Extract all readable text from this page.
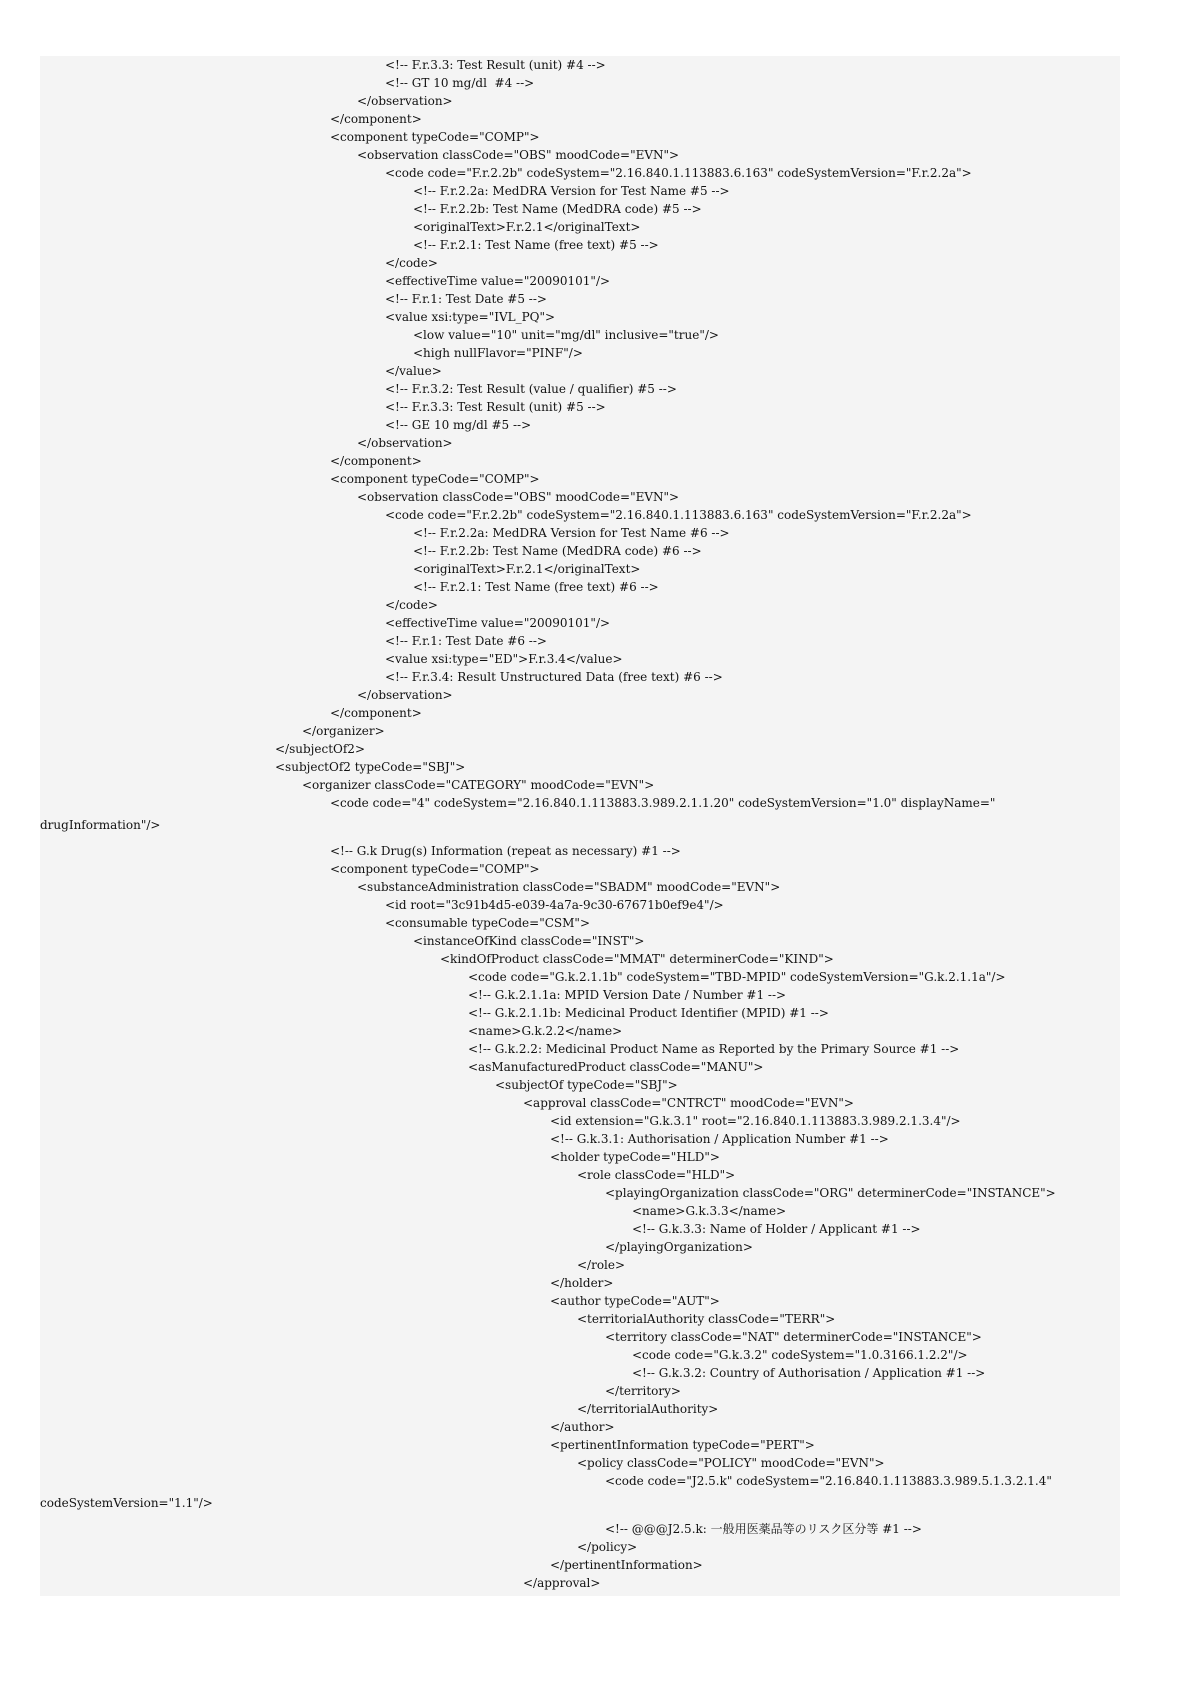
<!-- F.r.3.3: Test Result (unit) #4 -->
<!-- GT 10 mg/dl  #4 -->
</observation>
</component>
<component typeCode="COMP">
<observation classCode="OBS" moodCode="EVN">
<code code="F.r.2.2b" codeSystem="2.16.840.1.113883.6.163" codeSystemVersion="F.r.2.2a">
<!-- F.r.2.2a: MedDRA Version for Test Name #5 -->
<!-- F.r.2.2b: Test Name (MedDRA code) #5 -->
<originalText>F.r.2.1</originalText>
<!-- F.r.2.1: Test Name (free text) #5 -->
</code>
<effectiveTime value="20090101"/>
<!-- F.r.1: Test Date #5 -->
<value xsi:type="IVL_PQ">
<low value="10" unit="mg/dl" inclusive="true"/>
<high nullFlavor="PINF"/>
</value>
<!-- F.r.3.2: Test Result (value / qualifier) #5 -->
<!-- F.r.3.3: Test Result (unit) #5 -->
<!-- GE 10 mg/dl #5 -->
</observation>
</component>
<component typeCode="COMP">
<observation classCode="OBS" moodCode="EVN">
<code code="F.r.2.2b" codeSystem="2.16.840.1.113883.6.163" codeSystemVersion="F.r.2.2a">
<!-- F.r.2.2a: MedDRA Version for Test Name #6 -->
<!-- F.r.2.2b: Test Name (MedDRA code) #6 -->
<originalText>F.r.2.1</originalText>
<!-- F.r.2.1: Test Name (free text) #6 -->
</code>
<effectiveTime value="20090101"/>
<!-- F.r.1: Test Date #6 -->
<value xsi:type="ED">F.r.3.4</value>
<!-- F.r.3.4: Result Unstructured Data (free text) #6 -->
</observation>
</component>
</organizer>
</subjectOf2>
<subjectOf2 typeCode="SBJ">
<organizer classCode="CATEGORY" moodCode="EVN">
<code code="4" codeSystem="2.16.840.1.113883.3.989.2.1.1.20" codeSystemVersion="1.0" displayName="
drugInformation"/>
<!-- G.k Drug(s) Information (repeat as necessary) #1 -->
<component typeCode="COMP">
<substanceAdministration classCode="SBADM" moodCode="EVN">
<id root="3c91b4d5-e039-4a7a-9c30-67671b0ef9e4"/>
<consumable typeCode="CSM">
<instanceOfKind classCode="INST">
<kindOfProduct classCode="MMAT" determinerCode="KIND">
<code code="G.k.2.1.1b" codeSystem="TBD-MPID" codeSystemVersion="G.k.2.1.1a"/>
<!-- G.k.2.1.1a: MPID Version Date / Number #1 -->
<!-- G.k.2.1.1b: Medicinal Product Identifier (MPID) #1 -->
<name>G.k.2.2</name>
<!-- G.k.2.2: Medicinal Product Name as Reported by the Primary Source #1 -->
<asManufacturedProduct classCode="MANU">
<subjectOf typeCode="SBJ">
<approval classCode="CNTRCT" moodCode="EVN">
<id extension="G.k.3.1" root="2.16.840.1.113883.3.989.2.1.3.4"/>
<!-- G.k.3.1: Authorisation / Application Number #1 -->
<holder typeCode="HLD">
<role classCode="HLD">
<playingOrganization classCode="ORG" determinerCode="INSTANCE">
<name>G.k.3.3</name>
<!-- G.k.3.3: Name of Holder / Applicant #1 -->
</playingOrganization>
</role>
</holder>
<author typeCode="AUT">
<territorialAuthority classCode="TERR">
<territory classCode="NAT" determinerCode="INSTANCE">
<code code="G.k.3.2" codeSystem="1.0.3166.1.2.2"/>
<!-- G.k.3.2: Country of Authorisation / Application #1 -->
</territory>
</territorialAuthority>
</author>
<pertinentInformation typeCode="PERT">
<policy classCode="POLICY" moodCode="EVN">
<code code="J2.5.k" codeSystem="2.16.840.1.113883.3.989.5.1.3.2.1.4"
codeSystemVersion="1.1"/>
<!-- @@@J2.5.k: 一般用医薬品等のリスク区分等 #1 -->
</policy>
</pertinentInformation>
</approval>
